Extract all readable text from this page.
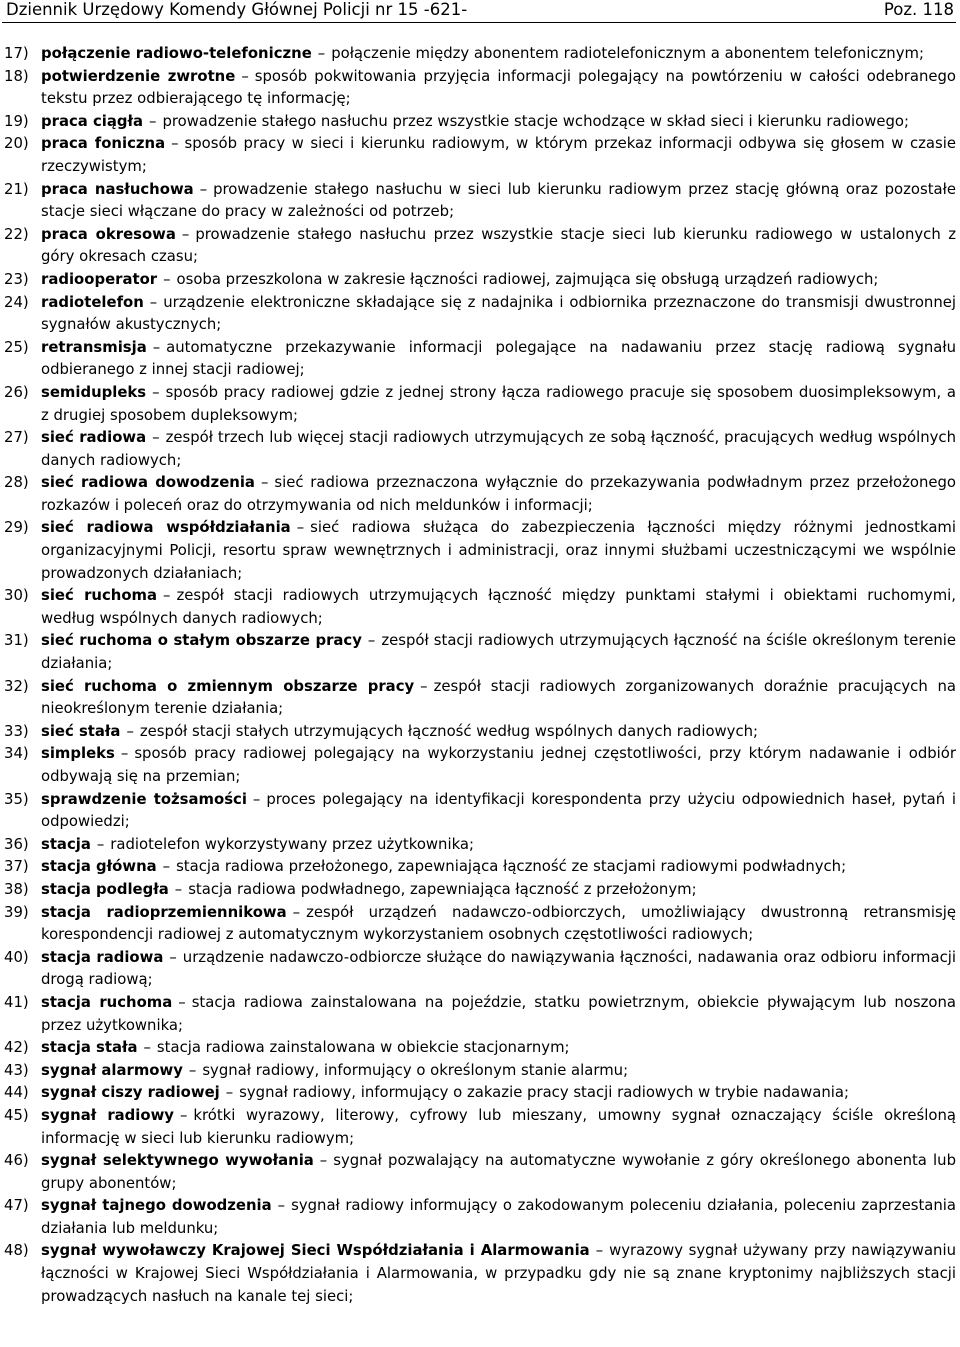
Dziennik Urzędowy Komendy Głównej Policji nr 15 -621-	Poz. 118
17) połączenie radiowo-telefoniczne – połączenie między abonentem radiotelefonicznym a abonentem telefonicznym;
18) potwierdzenie zwrotne – sposób pokwitowania przyjęcia informacji polegający na powtórzeniu w całości odebranego tekstu przez odbierającego tę informację;
19) praca ciągła – prowadzenie stałego nasłuchu przez wszystkie stacje wchodzące w skład sieci i kierunku radiowego;
20) praca foniczna – sposób pracy w sieci i kierunku radiowym, w którym przekaz informacji odbywa się głosem w czasie rzeczywistym;
21) praca nasłuchowa – prowadzenie stałego nasłuchu w sieci lub kierunku radiowym przez stację główną oraz pozostałe stacje sieci włączane do pracy w zależności od potrzeb;
22) praca okresowa – prowadzenie stałego nasłuchu przez wszystkie stacje sieci lub kierunku radiowego w ustalonych z góry okresach czasu;
23) radiooperator – osoba przeszkolona w zakresie łączności radiowej, zajmująca się obsługą urządzeń radiowych;
24) radiotelefon – urządzenie elektroniczne składające się z nadajnika i odbiornika przeznaczone do transmisji dwustronnej sygnałów akustycznych;
25) retransmisja – automatyczne przekazywanie informacji polegające na nadawaniu przez stację radiową sygnału odbieranego z innej stacji radiowej;
26) semidupleks – sposób pracy radiowej gdzie z jednej strony łącza radiowego pracuje się sposobem duosimpleksowym, a z drugiej sposobem dupleksowym;
27) sieć radiowa – zespół trzech lub więcej stacji radiowych utrzymujących ze sobą łączność, pracujących według wspólnych danych radiowych;
28) sieć radiowa dowodzenia – sieć radiowa przeznaczona wyłącznie do przekazywania podwładnym przez przełożonego rozkazów i poleceń oraz do otrzymywania od nich meldunków i informacji;
29) sieć radiowa współdziałania – sieć radiowa służąca do zabezpieczenia łączności między różnymi jednostkami organizacyjnymi Policji, resortu spraw wewnętrznych i administracji, oraz innymi służbami uczestniczącymi we wspólnie prowadzonych działaniach;
30) sieć ruchoma – zespół stacji radiowych utrzymujących łączność między punktami stałymi i obiektami ruchomymi, według wspólnych danych radiowych;
31) sieć ruchoma o stałym obszarze pracy – zespół stacji radiowych utrzymujących łączność na ściśle określonym terenie działania;
32) sieć ruchoma o zmiennym obszarze pracy – zespół stacji radiowych zorganizowanych doraźnie pracujących na nieokreślonym terenie działania;
33) sieć stała – zespół stacji stałych utrzymujących łączność według wspólnych danych radiowych;
34) simpleks – sposób pracy radiowej polegający na wykorzystaniu jednej częstotliwości, przy którym nadawanie i odbiór odbywają się na przemian;
35) sprawdzenie tożsamości – proces polegający na identyfikacji korespondenta przy użyciu odpowiednich haseł, pytań i odpowiedzi;
36) stacja – radiotelefon wykorzystywany przez użytkownika;
37) stacja główna – stacja radiowa przełożonego, zapewniająca łączność ze stacjami radiowymi podwładnych;
38) stacja podległa – stacja radiowa podwładnego, zapewniająca łączność z przełożonym;
39) stacja radioprzemiennikowa – zespół urządzeń nadawczo-odbiorczych, umożliwiający dwustronną retransmisję korespondencji radiowej z automatycznym wykorzystaniem osobnych częstotliwości radiowych;
40) stacja radiowa – urządzenie nadawczo-odbiorcze służące do nawiązywania łączności, nadawania oraz odbioru informacji drogą radiową;
41) stacja ruchoma – stacja radiowa zainstalowana na pojeździe, statku powietrznym, obiekcie pływającym lub noszona przez użytkownika;
42) stacja stała – stacja radiowa zainstalowana w obiekcie stacjonarnym;
43) sygnał alarmowy – sygnał radiowy, informujący o określonym stanie alarmu;
44) sygnał ciszy radiowej – sygnał radiowy, informujący o zakazie pracy stacji radiowych w trybie nadawania;
45) sygnał radiowy – krótki wyrazowy, literowy, cyfrowy lub mieszany, umowny sygnał oznaczający ściśle określoną informację w sieci lub kierunku radiowym;
46) sygnał selektywnego wywołania – sygnał pozwalający na automatyczne wywołanie z góry określonego abonenta lub grupy abonentów;
47) sygnał tajnego dowodzenia – sygnał radiowy informujący o zakodowanym poleceniu działania, poleceniu zaprzestania działania lub meldunku;
48) sygnał wywoławczy Krajowej Sieci Współdziałania i Alarmowania – wyrazowy sygnał używany przy nawiązywaniu łączności w Krajowej Sieci Współdziałania i Alarmowania, w przypadku gdy nie są znane kryptonimy najbliższych stacji prowadzących nasłuch na kanale tej sieci;
